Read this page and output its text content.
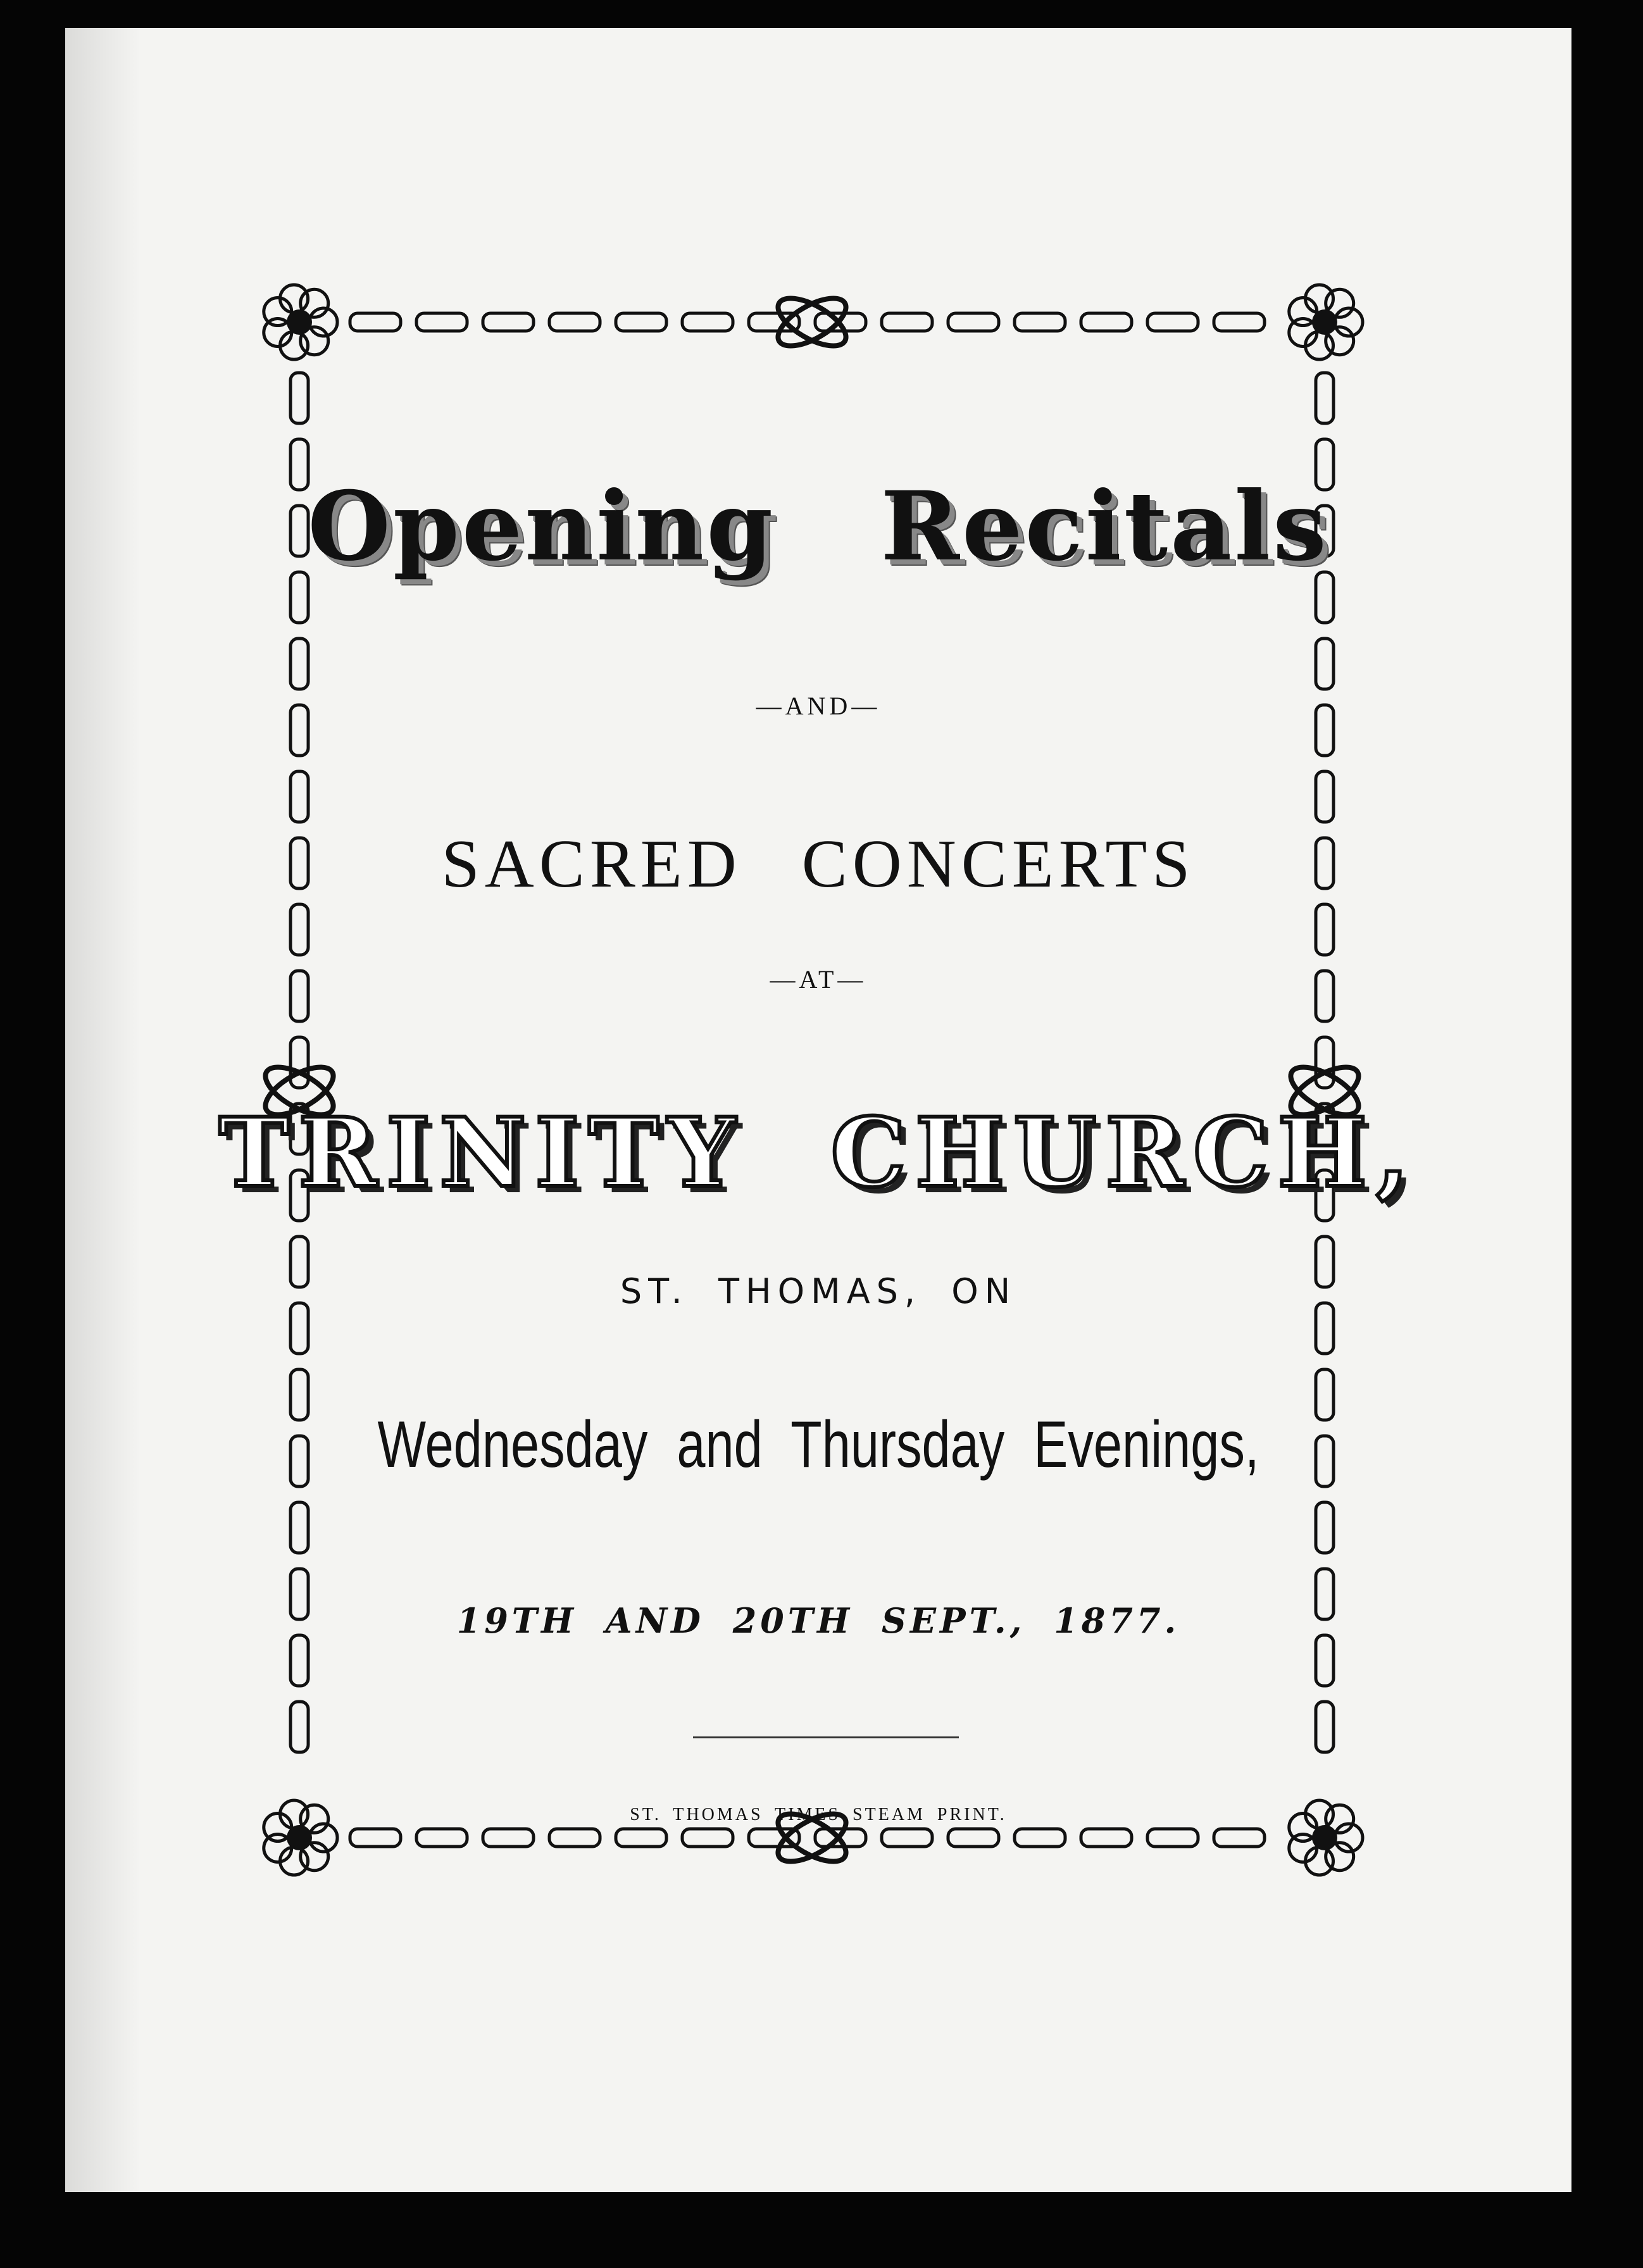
Opening Recitals
—AND—
SACRED CONCERTS
—AT—
TRINITY CHURCH,
ST. THOMAS, ON
Wednesday and Thursday Evenings,
19TH AND 20TH SEPT., 1877.
ST. THOMAS TIMES STEAM PRINT.
